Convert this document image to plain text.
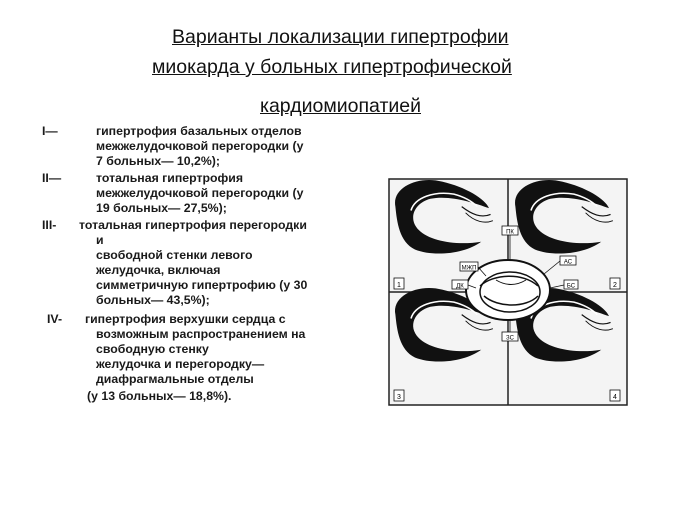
Варианты локализации гипертрофии
миокарда у больных гипертрофической
кардиомиопатией
I—	гипертрофия базальных отделов
межжелудочковой перегородки (у
7 больных— 10,2%);
II—	тотальная гипертрофия
межжелудочковой перегородки (у
19 больных— 27,5%);
III- тотальная гипертрофия перегородки
и
свободной стенки левого
желудочка, включая
симметричную гипертрофию (у 30
больных— 43,5%);
IV- гипертрофия верхушки сердца с
возможным распространением на
свободную стенку
желудочка и перегородку—
диафрагмальные отделы
(у 13 больных— 18,8%).
ПК
МЖП
АС
ДК	БС
ЗС
1	2
3	4
